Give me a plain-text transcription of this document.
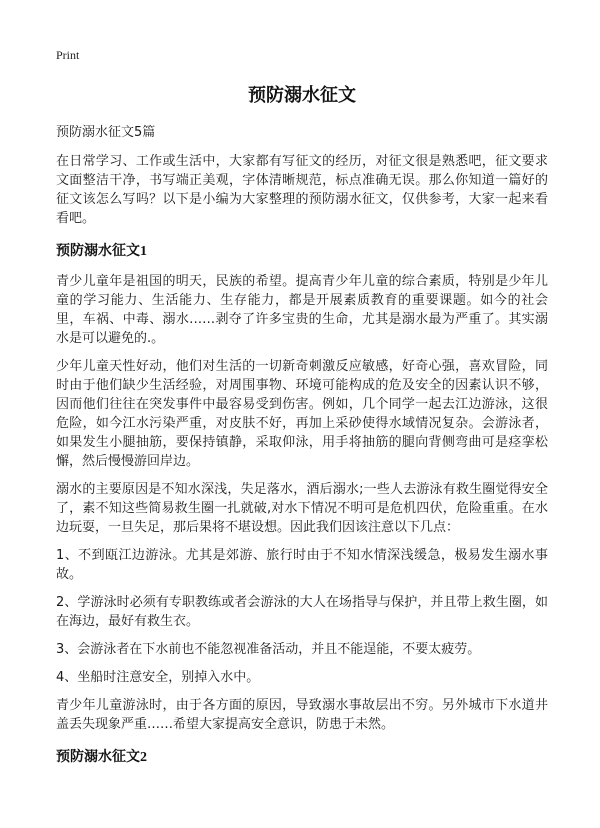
Print
预防溺水征文
预防溺水征文5篇

在日常学习、工作或生活中，大家都有写征文的经历，对征文很是熟悉吧，征文要求文面整洁干净，书写端正美观，字体清晰规范，标点准确无误。那么你知道一篇好的征文该怎么写吗？以下是小编为大家整理的预防溺水征文，仅供参考，大家一起来看看吧。

预防溺水征文1

青少儿童年是祖国的明天，民族的希望。提高青少年儿童的综合素质，特别是少年儿童的学习能力、生活能力、生存能力，都是开展素质教育的重要课题。如今的社会里，车祸、中毒、溺水……剥夺了许多宝贵的生命，尤其是溺水最为严重了。其实溺水是可以避免的.。

少年儿童天性好动，他们对生活的一切新奇刺激反应敏感，好奇心强，喜欢冒险，同时由于他们缺少生活经验，对周围事物、环境可能构成的危及安全的因素认识不够，因而他们往往在突发事件中最容易受到伤害。例如，几个同学一起去江边游泳，这很危险，如今江水污染严重，对皮肤不好，再加上采砂使得水域情况复杂。会游泳者，如果发生小腿抽筋，要保持镇静，采取仰泳，用手将抽筋的腿向背侧弯曲可是痉挛松懈，然后慢慢游回岸边。

溺水的主要原因是不知水深浅，失足落水，酒后溺水;一些人去游泳有救生圈觉得安全了，素不知这些简易救生圈一扎就破,对水下情况不明可是危机四伏，危险重重。在水边玩耍，一旦失足，那后果将不堪设想。因此我们因该注意以下几点：

1、不到瓯江边游泳。尤其是郊游、旅行时由于不知水情深浅缓急，极易发生溺水事故。

2、学游泳时必须有专职教练或者会游泳的大人在场指导与保护，并且带上救生圈，如在海边，最好有救生衣。

3、会游泳者在下水前也不能忽视准备活动，并且不能逞能，不要太疲劳。

4、坐船时注意安全，别掉入水中。

青少年儿童游泳时，由于各方面的原因，导致溺水事故层出不穷。另外城市下水道井盖丢失现象严重……希望大家提高安全意识，防患于未然。

预防溺水征文2
